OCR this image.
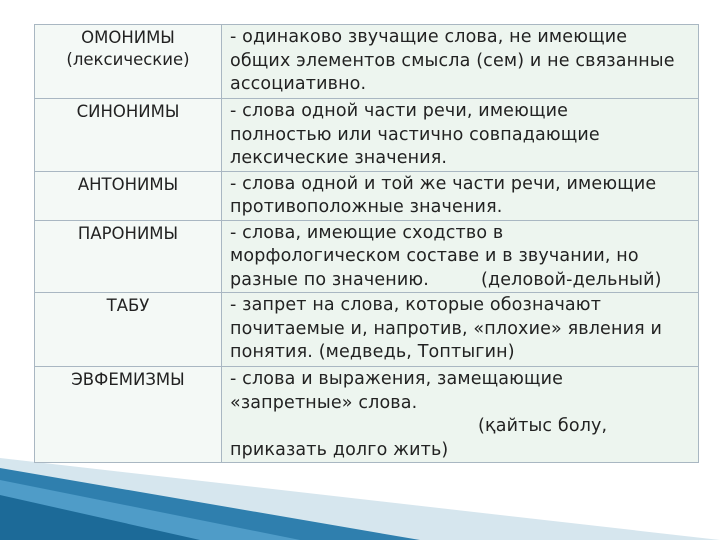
ОМОНИМЫ
(лексические)	- одинаково звучащие слова, не имеющие
общих элементов смысла (сем) и не связанные
ассоциативно.

СИНОНИМЫ	- слова одной части речи, имеющие
полностью или частично совпадающие
лексические значения.

АНТОНИМЫ	- слова одной и той же части речи, имеющие
противоположные значения.

ПАРОНИМЫ	- слова, имеющие сходство в
морфологическом составе и в звучании, но
разные по значению. (деловой-дельный)

ТАБУ	- запрет на слова, которые обозначают
почитаемые и, напротив, «плохие» явления и
понятия. (медведь, Топтыгин)

ЭВФЕМИЗМЫ	- слова и выражения, замещающие
«запретные» слова.
(қайтыс болу,
приказать долго жить)
